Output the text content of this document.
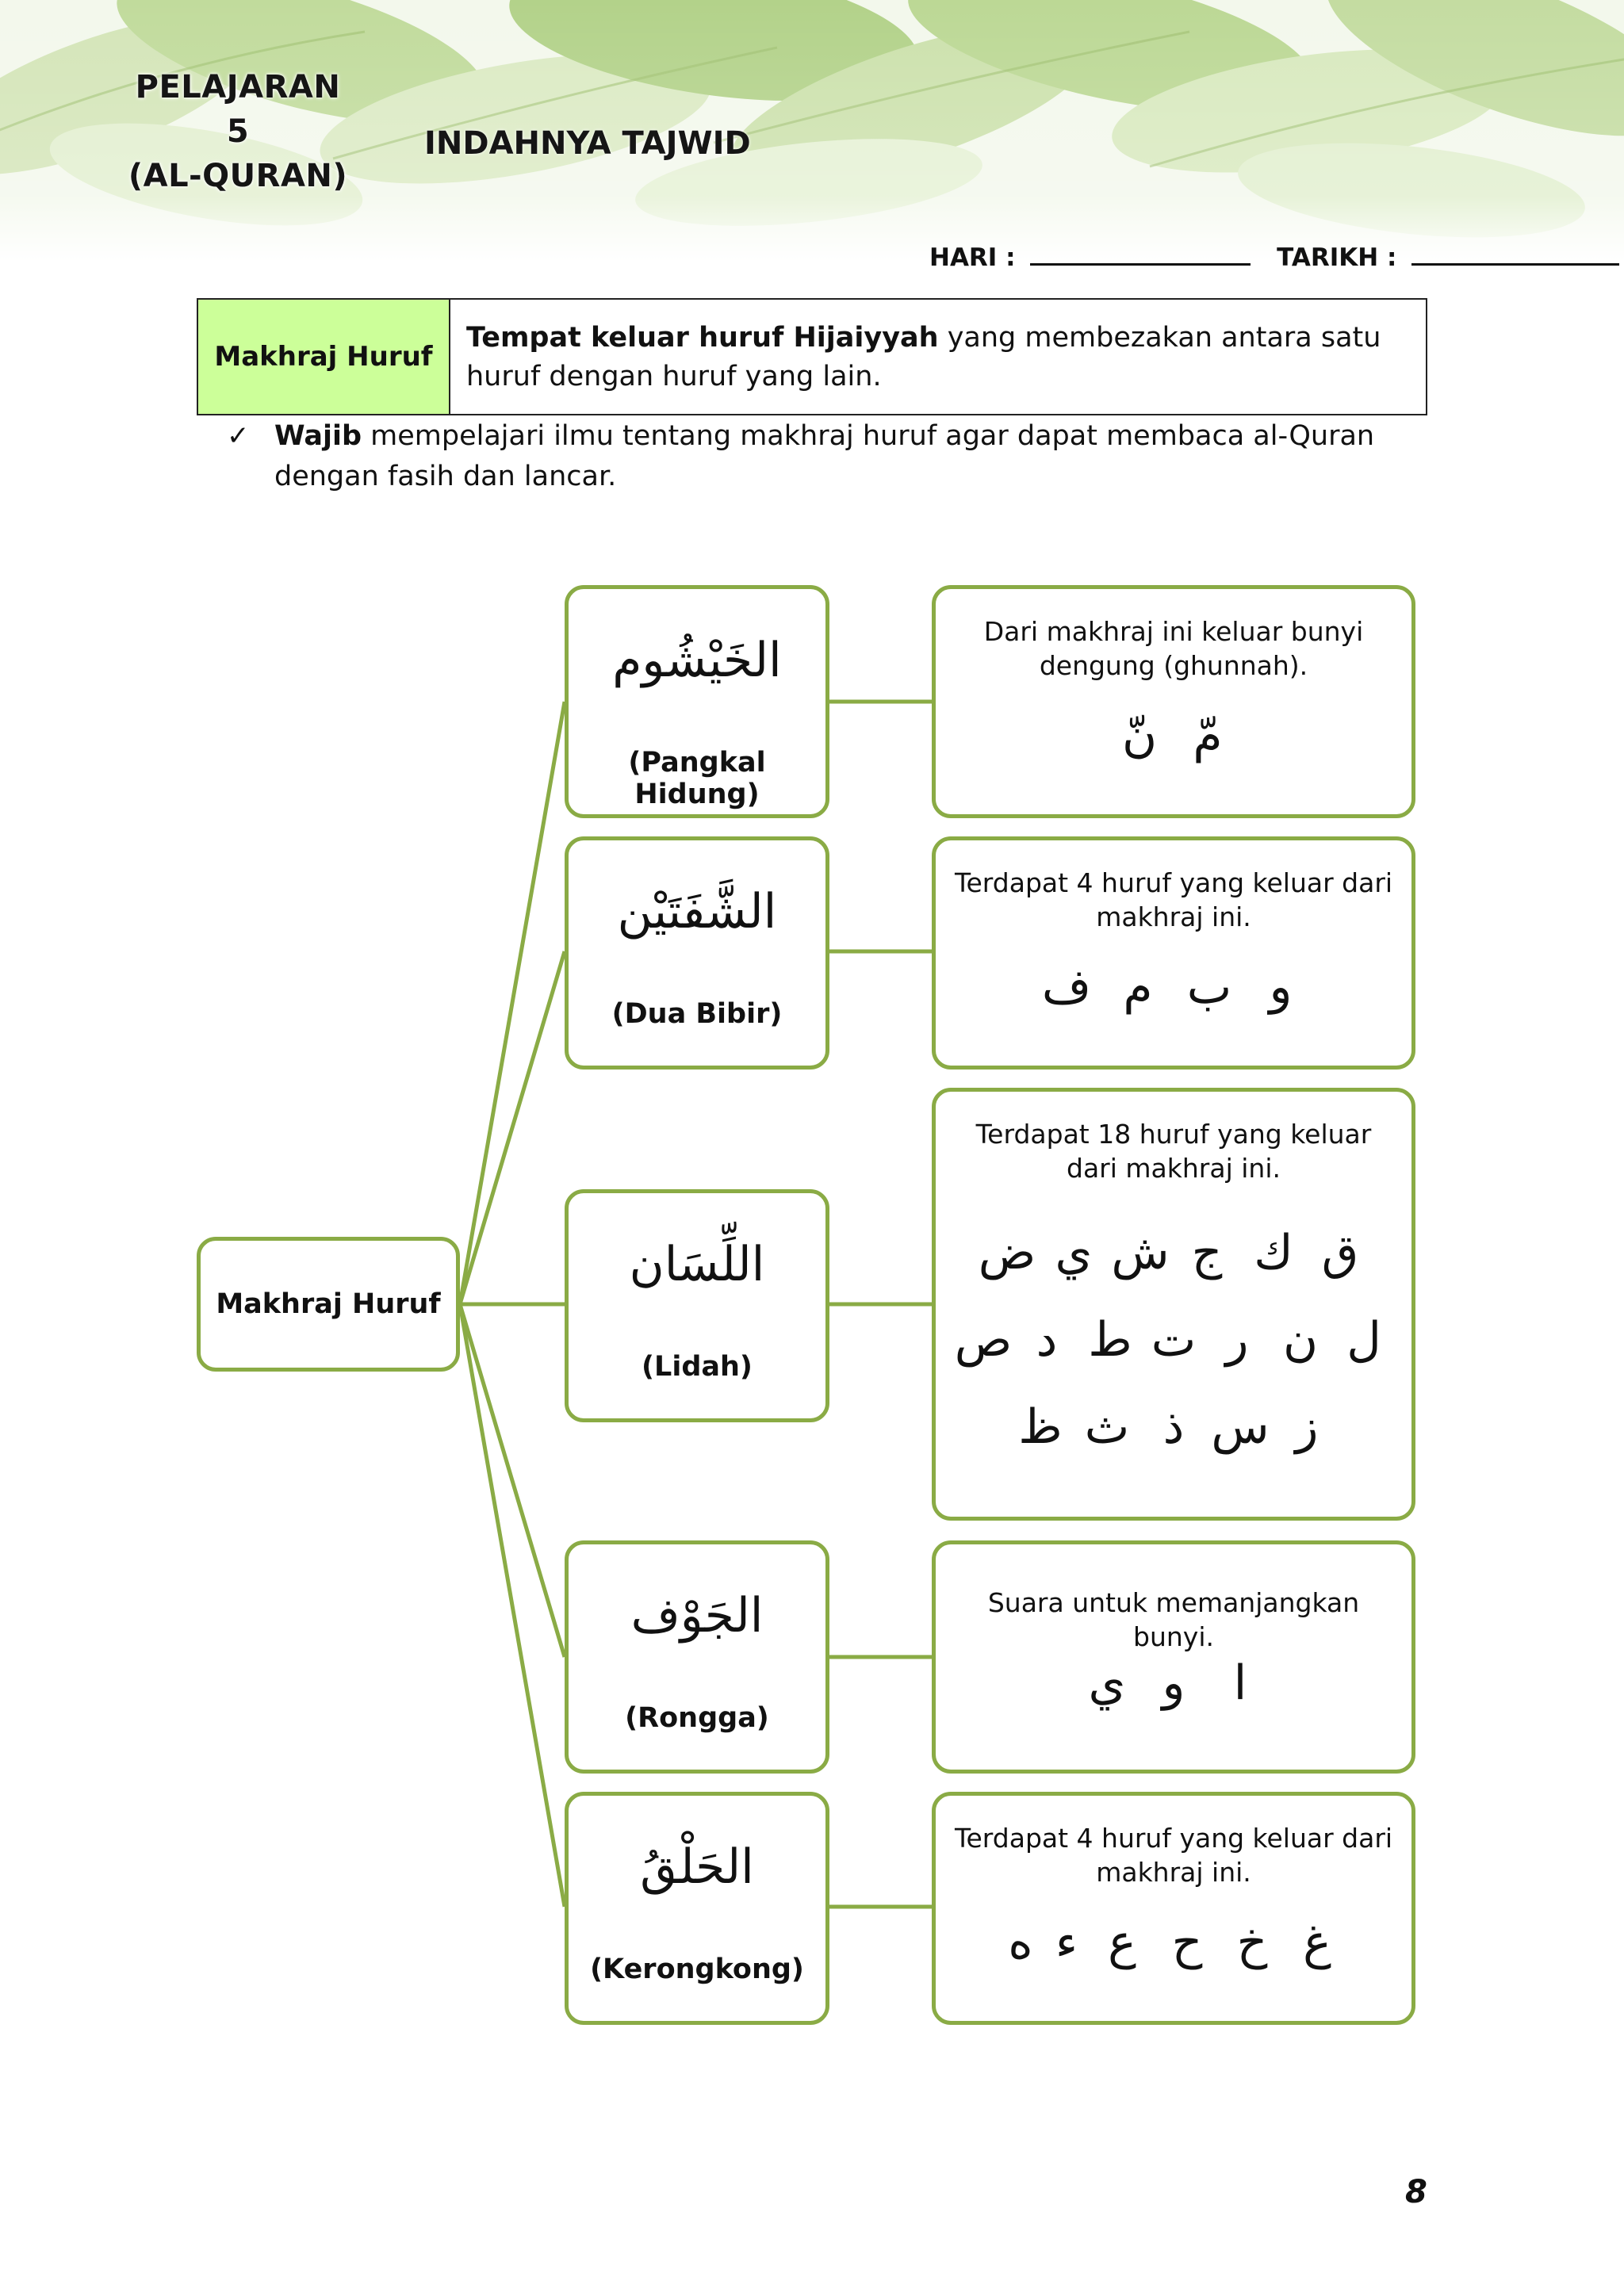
PELAJARAN
5
(AL-QURAN)
INDAHNYA TAJWID
HARI :	TARIKH :
Makhraj Huruf
Tempat keluar huruf Hijaiyyah yang membezakan antara satu huruf dengan huruf yang lain.
✓ Wajib mempelajari ilmu tentang makhraj huruf agar dapat membaca al-Quran dengan fasih dan lancar.
Makhraj Huruf
الخَيْشُوم
(Pangkal Hidung)
Dari makhraj ini keluar bunyi dengung (ghunnah).
مّ
نّ
الشَّفَتَيْن
(Dua Bibir)
Terdapat 4 huruf yang keluar dari makhraj ini.
و
ب
م
ف
اللِّسَان
(Lidah)
Terdapat 18 huruf yang keluar dari makhraj ini.
ق
ك
ج
ش
ي
ض
ل
ن
ر
ت
ط
د
ص
ز
س
ذ
ث
ظ
الجَوْف
(Rongga)
Suara untuk memanjangkan bunyi.
ا
و
ي
الحَلْقُ
(Kerongkong)
Terdapat 4 huruf yang keluar dari makhraj ini.
غ
خ
ح
ع
ء
ه
8
